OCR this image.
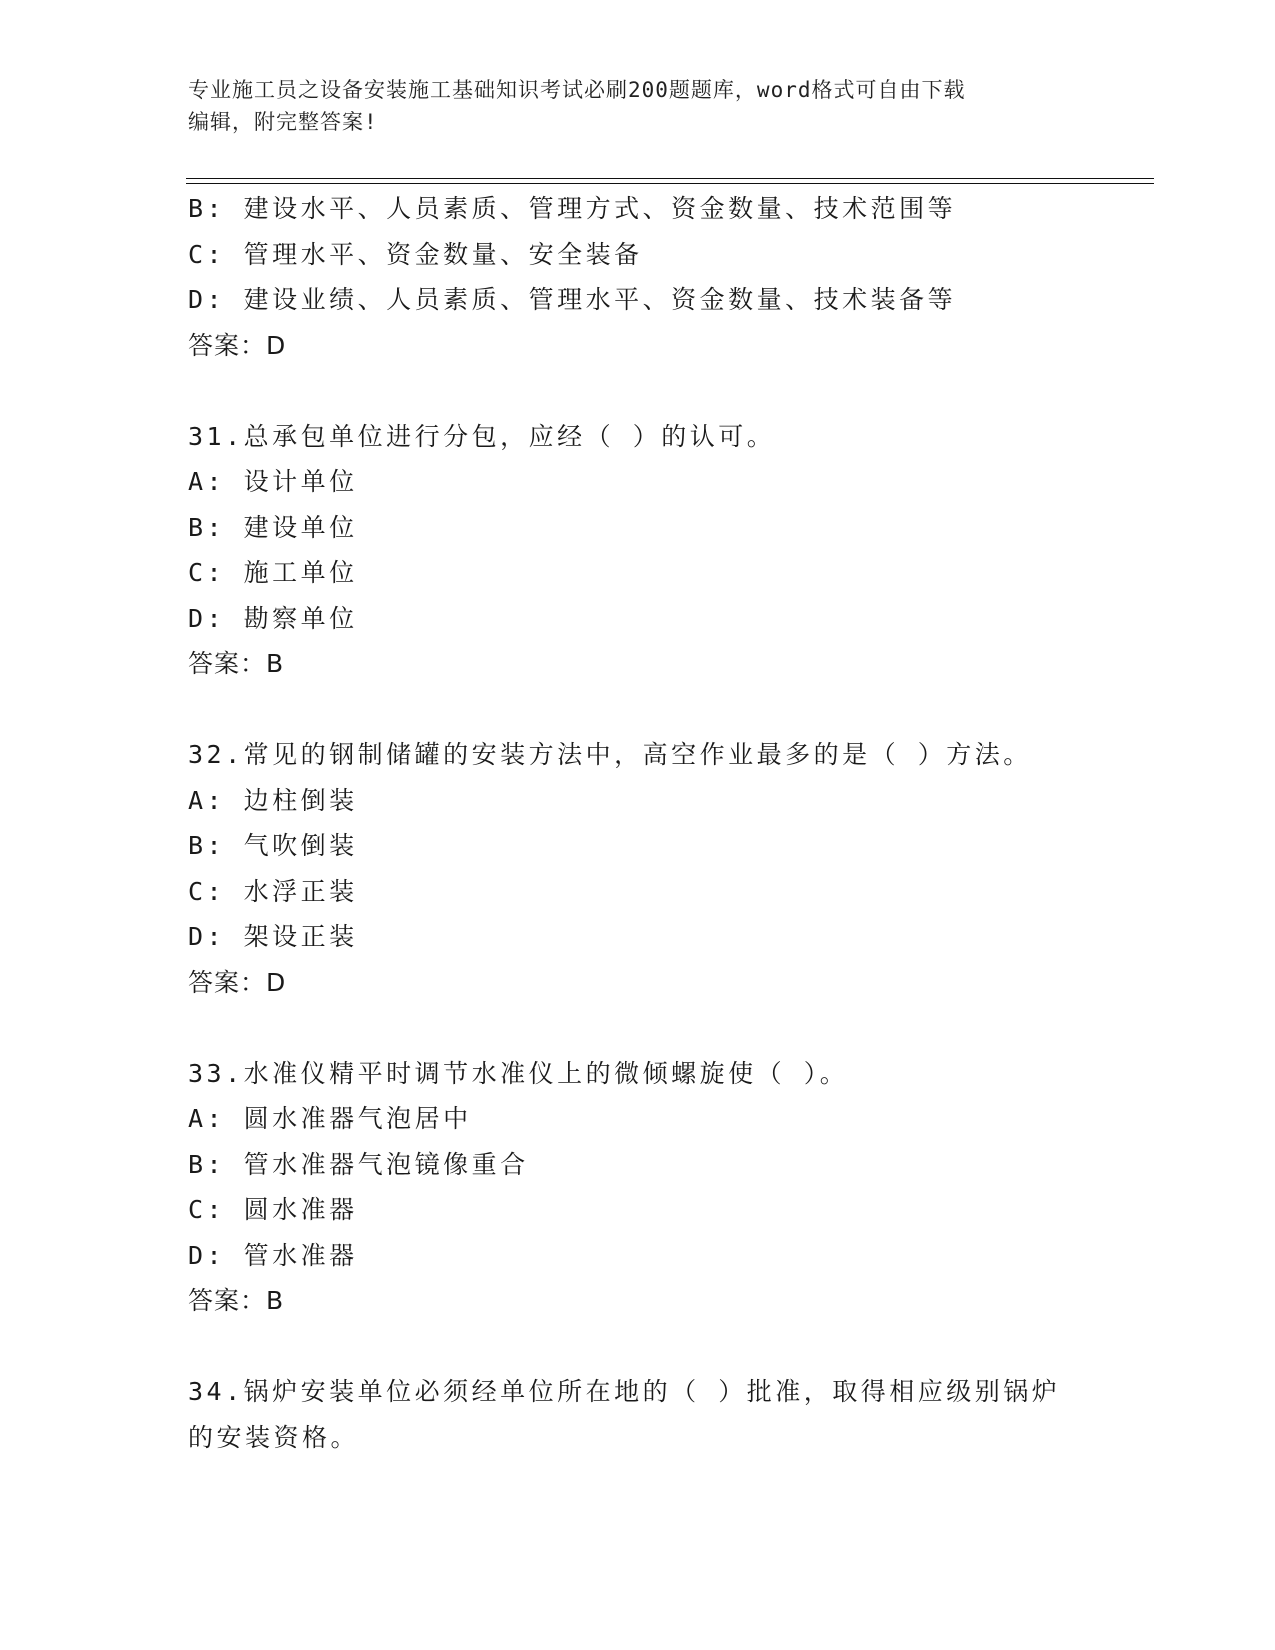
专业施工员之设备安装施工基础知识考试必刷200题题库，word格式可自由下载
编辑，附完整答案!
B: 建设水平、人员素质、管理方式、资金数量、技术范围等
C: 管理水平、资金数量、安全装备
D: 建设业绩、人员素质、管理水平、资金数量、技术装备等
答案：D
31.总承包单位进行分包，应经（ ）的认可。
A: 设计单位
B: 建设单位
C: 施工单位
D: 勘察单位
答案：B
32.常见的钢制储罐的安装方法中，高空作业最多的是（ ）方法。
A: 边柱倒装
B: 气吹倒装
C: 水浮正装
D: 架设正装
答案：D
33.水准仪精平时调节水准仪上的微倾螺旋使（ ）。
A: 圆水准器气泡居中
B: 管水准器气泡镜像重合
C: 圆水准器
D: 管水准器
答案：B
34.锅炉安装单位必须经单位所在地的（ ）批准，取得相应级别锅炉
的安装资格。
